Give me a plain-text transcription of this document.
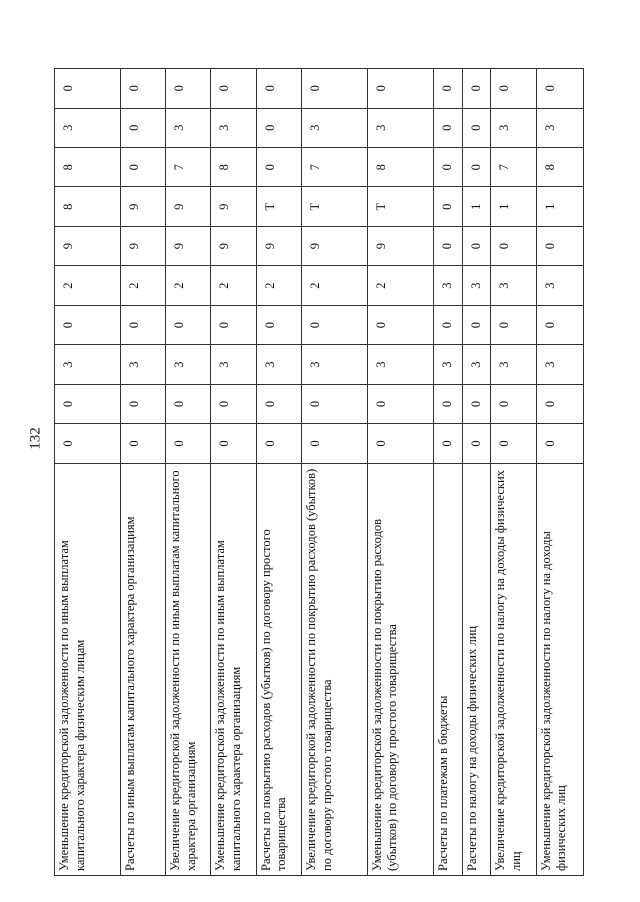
132
Уменьшение кредиторской задолженности по иным выплатам капитального характера физическим лицам	0	0	3	0	2	9	8	8	3	0
Расчеты по иным выплатам капитального характера организациям	0	0	3	0	2	9	9	0	0	0
Увеличение кредиторской задолженности по иным выплатам капитального характера организациям	0	0	3	0	2	9	9	7	3	0
Уменьшение кредиторской задолженности по иным выплатам капитального характера организациям	0	0	3	0	2	9	9	8	3	0
Расчеты по покрытию расходов (убытков) по договору простого товарищества	0	0	3	0	2	9	Т	0	0	0
Увеличение кредиторской задолженности по покрытию расходов (убытков) по договору простого товарищества	0	0	3	0	2	9	Т	7	3	0
Уменьшение кредиторской задолженности по покрытию расходов (убытков) по договору простого товарищества	0	0	3	0	2	9	Т	8	3	0
Расчеты по платежам в бюджеты	0	0	3	0	3	0	0	0	0	0
Расчеты по налогу на доходы физических лиц	0	0	3	0	3	0	1	0	0	0
Увеличение кредиторской задолженности по налогу на доходы физических лиц	0	0	3	0	3	0	1	7	3	0
Уменьшение кредиторской задолженности по налогу на доходы физических лиц	0	0	3	0	3	0	1	8	3	0
